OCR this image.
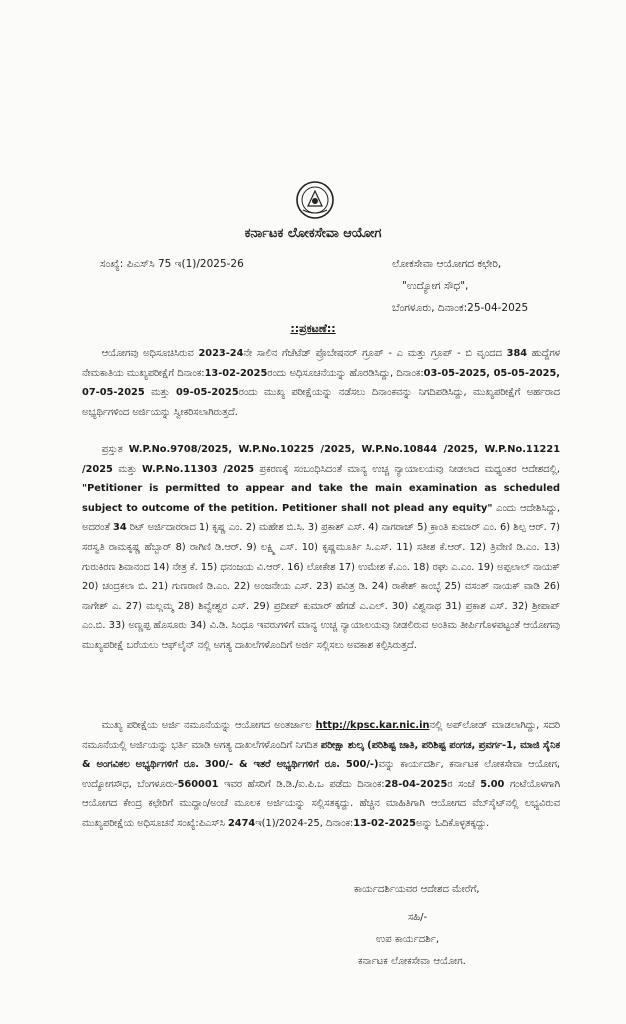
ಕರ್ನಾಟಕ ಲೋಕಸೇವಾ ಆಯೋಗ
ಸಂಖ್ಯೆ: ಪಿಎಸ್‌ಸಿ 75 ಇ(1)/2025-26	ಲೋಕಸೇವಾ ಆಯೋಗದ ಕಛೇರಿ,
"ಉದ್ಯೋಗ ಸೌಧ",
ಬೆಂಗಳೂರು, ದಿನಾಂಕ:25-04-2025
::ಪ್ರಕಟಣೆ::

  ಆಯೋಗವು ಅಧಿಸೂಚಿಸಿರುವ 2023-24ನೇ ಸಾಲಿನ ಗೆಜೆಟೆಡ್ ಪ್ರೊಬೇಷನರ್ ಗ್ರೂಪ್ - ಎ ಮತ್ತು ಗ್ರೂಪ್ - ಬಿ ವೃಂದದ 384 ಹುದ್ದೆಗಳ ನೇಮಕಾತಿಯ ಮುಖ್ಯಪರೀಕ್ಷೆಗೆ ದಿನಾಂಕ:13-02-2025ರಂದು ಅಧಿಸೂಚನೆಯನ್ನು ಹೊರಡಿಸಿದ್ದು, ದಿನಾಂಕ:03-05-2025, 05-05-2025, 07-05-2025 ಮತ್ತು 09-05-2025ರಂದು ಮುಖ್ಯ ಪರೀಕ್ಷೆಯನ್ನು ನಡೆಸಲು ದಿನಾಂಕವನ್ನು ನಿಗದಿಪಡಿಸಿದ್ದು, ಮುಖ್ಯಪರೀಕ್ಷೆಗೆ ಅರ್ಹರಾದ ಅಭ್ಯರ್ಥಿಗಳಿಂದ ಅರ್ಜಿಯನ್ನು ಸ್ವೀಕರಿಸಲಾಗಿರುತ್ತದೆ.

  ಪ್ರಸ್ತುತ W.P.No.9708/2025, W.P.No.10225 /2025, W.P.No.10844 /2025, W.P.No.11221 /2025 ಮತ್ತು W.P.No.11303 /2025 ಪ್ರಕರಣಕ್ಕೆ ಸಂಬಂಧಿಸಿದಂತೆ ಮಾನ್ಯ ಉಚ್ಚ ನ್ಯಾಯಾಲಯವು ನೀಡಲಾದ ಮಧ್ಯಂತರ ಆದೇಶದಲ್ಲಿ, "Petitioner is permitted to appear and take the main examination as scheduled subject to outcome of the petition. Petitioner shall not plead any equity" ಎಂದು ಆದೇಶಿಸಿದ್ದು, ಅದರಂತೆ 34 ರಿಟ್ ಅರ್ಜಿದಾರರಾದ 1) ಕೃಷ್ಣ ಎಂ. 2) ಮಹೇಶ ಬಿ.ಸಿ. 3) ಪ್ರಕಾಶ್ ಎಸ್. 4) ನಾಗರಾಜ್ 5) ಕ್ರಾಂತಿ ಕುಮಾರ್ ಎಂ. 6) ಶಿಲ್ಪ ಆರ್. 7) ಸರಸ್ವತಿ ರಾಮಕೃಷ್ಣ ಹೆಬ್ಬಾರ್ 8) ರಾಗಿಣಿ ಡಿ.ಆರ್. 9) ಲಕ್ಷ್ಮಿ ಎಸ್. 10) ಕೃಷ್ಣಮೂರ್ತಿ ಸಿ.ಎಸ್. 11) ಸತೀಶ ಕೆ.ಆರ್. 12) ತ್ರಿವೇಣಿ ಡಿ.ಎಂ. 13) ಗುರುಕಿರಣ ಶಿವಾನಂದ 14) ನೇತ್ರ ಕೆ. 15) ಧನಂಜಯ ವಿ.ಆರ್. 16) ಲೋಕೇಶ 17) ಉಮೇಶ ಕೆ.ಎಂ. 18) ರಘು ಎ.ಎಂ. 19) ಅಪ್ಪಲಾಲ್ ನಾಯಕ್ 20) ಚಂದ್ರಕಲಾ ಬಿ. 21) ಗುಣರಾಣಿ ಡಿ.ಎಂ. 22) ಅಂಜನೇಯ ಎಸ್. 23) ಪವಿತ್ರ ಡಿ. 24) ರಾಕೇಶ್ ಕಾಂಬ್ಳೆ 25) ವಸಂತ್ ನಾಯಕ್ ವಾಡಿ 26) ನಾಗೇಶ್ ಎ. 27) ಮಲ್ಲಮ್ಮ 28) ಶಿವ್ವೇಶ್ವರ ಎಸ್. 29) ಪ್ರದೀಪ್ ಕುಮಾರ್ ಹೆಗಡೆ ಎ.ಎಲ್. 30) ವಿಶ್ವನಾಥ 31) ಪ್ರಕಾಶ ಎಸ್. 32) ಶ್ರೀಪಾಪ್ ಎಂ.ಬಿ. 33) ಅಣ್ಣಪ್ಪ ಹೊಸೂರು 34) ವಿ.ಡಿ. ಸಿಂಧೂ ಇವರುಗಳಿಗೆ ಮಾನ್ಯ ಉಚ್ಚ ನ್ಯಾಯಾಲಯವು ನೀಡಲಿರುವ ಅಂತಿಮ ತೀರ್ಪಿಗೊಳಪಟ್ಟಂತೆ ಆಯೋಗವು ಮುಖ್ಯಪರೀಕ್ಷೆ ಬರೆಯಲು ಆಫ್‌ಲೈನ್ ನಲ್ಲಿ ಅಗತ್ಯ ದಾಖಲೆಗಳೊಂದಿಗೆ ಅರ್ಜಿ ಸಲ್ಲಿಸಲು ಅವಕಾಶ ಕಲ್ಪಿಸಿರುತ್ತದೆ.

  ಮುಖ್ಯ ಪರೀಕ್ಷೆಯ ಅರ್ಜಿ ನಮೂನೆಯನ್ನು ಆಯೋಗದ ಅಂತರ್ಜಾಲ http://kpsc.kar.nic.inನಲ್ಲಿ ಅಪ್‌ಲೋಡ್ ಮಾಡಲಾಗಿದ್ದು, ಸದರಿ ನಮೂನೆಯಲ್ಲಿ ಅರ್ಜಿಯನ್ನು ಭರ್ತಿ ಮಾಡಿ ಅಗತ್ಯ ದಾಖಲೆಗಳೊಂದಿಗೆ ನಿಗದಿತ ಪರೀಕ್ಷಾ ಶುಲ್ಕ (ಪರಿಶಿಷ್ಟ ಜಾತಿ, ಪರಿಶಿಷ್ಟ ಪಂಗಡ, ಪ್ರವರ್ಗ-1, ಮಾಜಿ ಸೈನಿಕ & ಅಂಗವಿಕಲ ಅಭ್ಯರ್ಥಿಗಳಿಗೆ ರೂ. 300/- & ಇತರೆ ಅಭ್ಯರ್ಥಿಗಳಿಗೆ ರೂ. 500/-)ವನ್ನು ಕಾರ್ಯದರ್ಶಿ, ಕರ್ನಾಟಕ ಲೋಕಸೇವಾ ಆಯೋಗ, ಉದ್ಯೋಗಸೌಧ, ಬೆಂಗಳೂರು-560001 ಇವರ ಹೆಸರಿಗೆ ಡಿ.ಡಿ./ಐ.ಪಿ.ಒ ಪಡೆದು ದಿನಾಂಕ:28-04-2025ರ ಸಂಜೆ 5.00 ಗಂಟೆಯೊಳಗಾಗಿ ಆಯೋಗದ ಕೇಂದ್ರ ಕಛೇರಿಗೆ ಮುದ್ದಾಂ/ಅಂಚೆ ಮೂಲಕ ಅರ್ಜಿಯನ್ನು ಸಲ್ಲಿಸತಕ್ಕದ್ದು. ಹೆಚ್ಚಿನ ಮಾಹಿತಿಗಾಗಿ ಆಯೋಗದ ವೆಬ್‌ಸೈಟ್‌ನಲ್ಲಿ ಲಭ್ಯವಿರುವ ಮುಖ್ಯಪರೀಕ್ಷೆಯ ಅಧಿಸೂಚನೆ ಸಂಖ್ಯೆ:ಪಿಎಸ್‌ಸಿ 2474ಇ(1)/2024-25, ದಿನಾಂಕ:13-02-2025ಅನ್ನು ಓದಿಕೊಳ್ಳತಕ್ಕದ್ದು.

ಕಾರ್ಯದರ್ಶಿಯವರ ಆದೇಶದ ಮೇರೆಗೆ,
ಸಹಿ/-
ಉಪ ಕಾರ್ಯದರ್ಶಿ,
ಕರ್ನಾಟಕ ಲೋಕಸೇವಾ ಆಯೋಗ.
